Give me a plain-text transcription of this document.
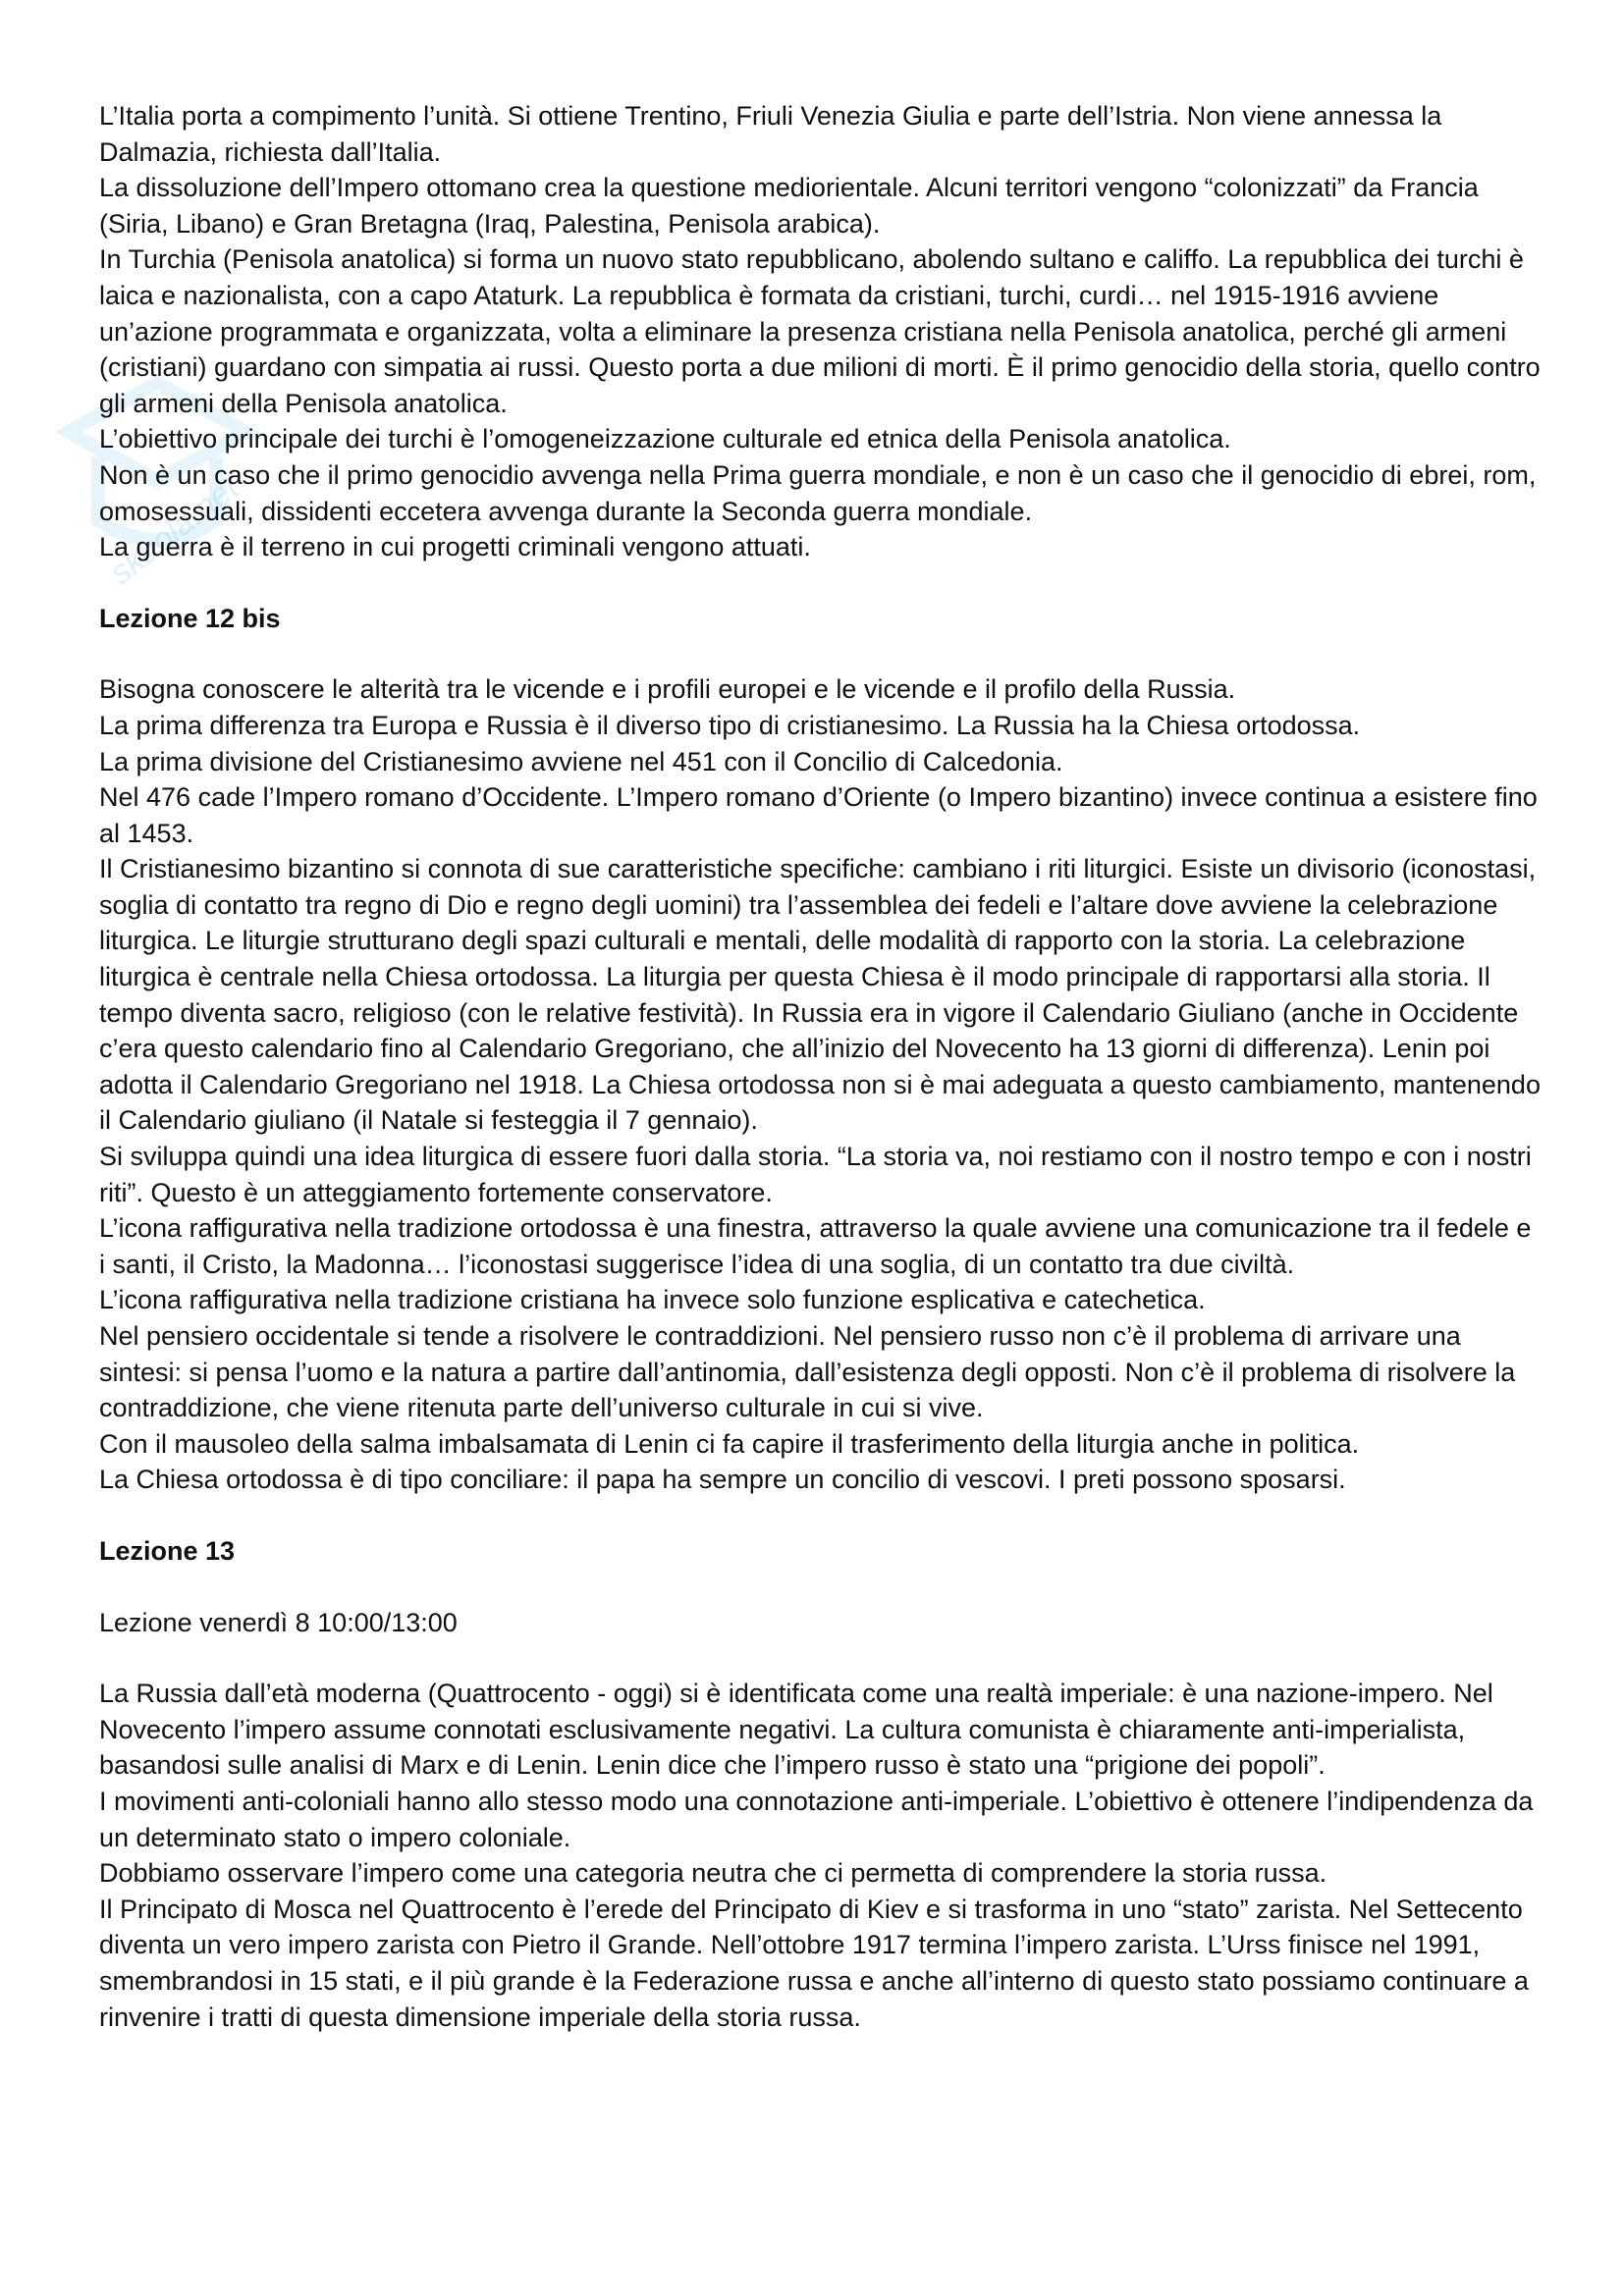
skuola.net

L’Italia porta a compimento l’unità. Si ottiene Trentino, Friuli Venezia Giulia e parte dell’Istria. Non viene annessa la Dalmazia, richiesta dall’Italia.

La dissoluzione dell’Impero ottomano crea la questione mediorientale. Alcuni territori vengono “colonizzati” da Francia (Siria, Libano) e Gran Bretagna (Iraq, Palestina, Penisola arabica).

In Turchia (Penisola anatolica) si forma un nuovo stato repubblicano, abolendo sultano e califfo. La repubblica dei turchi è laica e nazionalista, con a capo Ataturk. La repubblica è formata da cristiani, turchi, curdi… nel 1915-1916 avviene un’azione programmata e organizzata, volta a eliminare la presenza cristiana nella Penisola anatolica, perché gli armeni (cristiani) guardano con simpatia ai russi. Questo porta a due milioni di morti. È il primo genocidio della storia, quello contro gli armeni della Penisola anatolica.

L’obiettivo principale dei turchi è l’omogeneizzazione culturale ed etnica della Penisola anatolica.

Non è un caso che il primo genocidio avvenga nella Prima guerra mondiale, e non è un caso che il genocidio di ebrei, rom, omosessuali, dissidenti eccetera avvenga durante la Seconda guerra mondiale.

La guerra è il terreno in cui progetti criminali vengono attuati.

Lezione 12 bis

Bisogna conoscere le alterità tra le vicende e i profili europei e le vicende e il profilo della Russia.

La prima differenza tra Europa e Russia è il diverso tipo di cristianesimo. La Russia ha la Chiesa ortodossa.

La prima divisione del Cristianesimo avviene nel 451 con il Concilio di Calcedonia.

Nel 476 cade l’Impero romano d’Occidente. L’Impero romano d’Oriente (o Impero bizantino) invece continua a esistere fino al 1453.

Il Cristianesimo bizantino si connota di sue caratteristiche specifiche: cambiano i riti liturgici. Esiste un divisorio (iconostasi, soglia di contatto tra regno di Dio e regno degli uomini) tra l’assemblea dei fedeli e l’altare dove avviene la celebrazione liturgica. Le liturgie strutturano degli spazi culturali e mentali, delle modalità di rapporto con la storia. La celebrazione liturgica è centrale nella Chiesa ortodossa. La liturgia per questa Chiesa è il modo principale di rapportarsi alla storia. Il tempo diventa sacro, religioso (con le relative festività). In Russia era in vigore il Calendario Giuliano (anche in Occidente c’era questo calendario fino al Calendario Gregoriano, che all’inizio del Novecento ha 13 giorni di differenza). Lenin poi adotta il Calendario Gregoriano nel 1918. La Chiesa ortodossa non si è mai adeguata a questo cambiamento, mantenendo il Calendario giuliano (il Natale si festeggia il 7 gennaio).

Si sviluppa quindi una idea liturgica di essere fuori dalla storia. “La storia va, noi restiamo con il nostro tempo e con i nostri riti”. Questo è un atteggiamento fortemente conservatore.

L’icona raffigurativa nella tradizione ortodossa è una finestra, attraverso la quale avviene una comunicazione tra il fedele e i santi, il Cristo, la Madonna… l’iconostasi suggerisce l’idea di una soglia, di un contatto tra due civiltà.

L’icona raffigurativa nella tradizione cristiana ha invece solo funzione esplicativa e catechetica.

Nel pensiero occidentale si tende a risolvere le contraddizioni. Nel pensiero russo non c’è il problema di arrivare una sintesi: si pensa l’uomo e la natura a partire dall’antinomia, dall’esistenza degli opposti. Non c’è il problema di risolvere la contraddizione, che viene ritenuta parte dell’universo culturale in cui si vive.

Con il mausoleo della salma imbalsamata di Lenin ci fa capire il trasferimento della liturgia anche in politica.

La Chiesa ortodossa è di tipo conciliare: il papa ha sempre un concilio di vescovi. I preti possono sposarsi.

Lezione 13

Lezione venerdì 8 10:00/13:00

La Russia dall’età moderna (Quattrocento - oggi) si è identificata come una realtà imperiale: è una nazione-impero. Nel Novecento l’impero assume connotati esclusivamente negativi. La cultura comunista è chiaramente anti-imperialista, basandosi sulle analisi di Marx e di Lenin. Lenin dice che l’impero russo è stato una “prigione dei popoli”.

I movimenti anti-coloniali hanno allo stesso modo una connotazione anti-imperiale. L’obiettivo è ottenere l’indipendenza da un determinato stato o impero coloniale.

Dobbiamo osservare l’impero come una categoria neutra che ci permetta di comprendere la storia russa.

Il Principato di Mosca nel Quattrocento è l’erede del Principato di Kiev e si trasforma in uno “stato” zarista. Nel Settecento diventa un vero impero zarista con Pietro il Grande. Nell’ottobre 1917 termina l’impero zarista. L’Urss finisce nel 1991, smembrandosi in 15 stati, e il più grande è la Federazione russa e anche all’interno di questo stato possiamo continuare a rinvenire i tratti di questa dimensione imperiale della storia russa.
